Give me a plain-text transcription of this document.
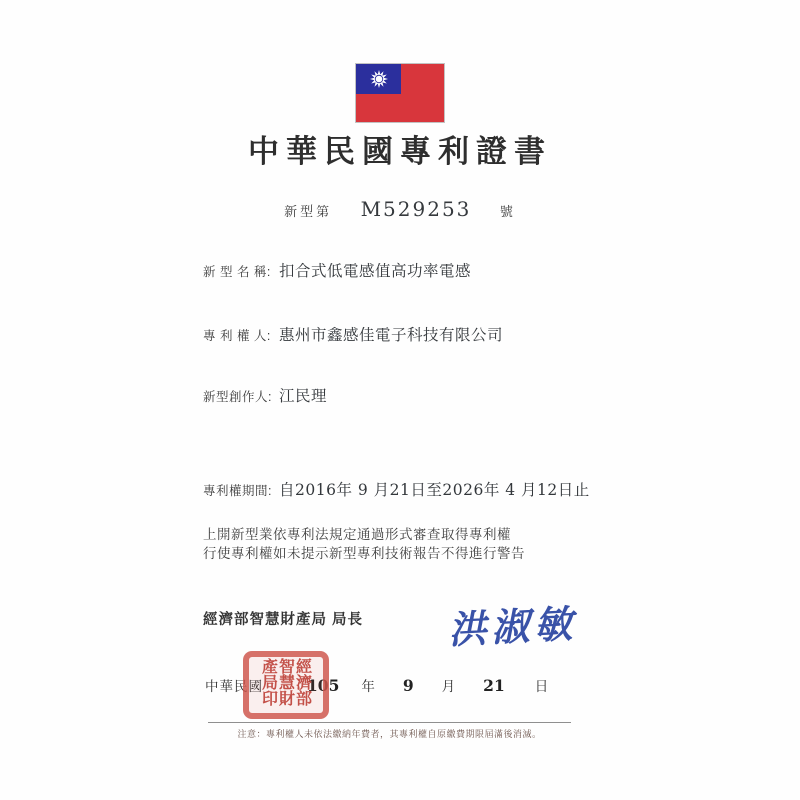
中華民國專利證書
新型第 M529253 號
新 型 名 稱: 扣合式低電感值高功率電感
專 利 權 人: 惠州市鑫感佳電子科技有限公司
新型創作人: 江民理
專利權期間: 自2016年 9 月21日至2026年 4 月12日止
上開新型業依專利法規定通過形式審查取得專利權
行使專利權如未提示新型專利技術報告不得進行警告
經濟部智慧財產局 局長 洪淑敏
經濟部智慧財產局印
中華民國	105 年 9 月 21 日
注意：專利權人未依法繳納年費者，其專利權自原繳費期限屆滿後消滅。
